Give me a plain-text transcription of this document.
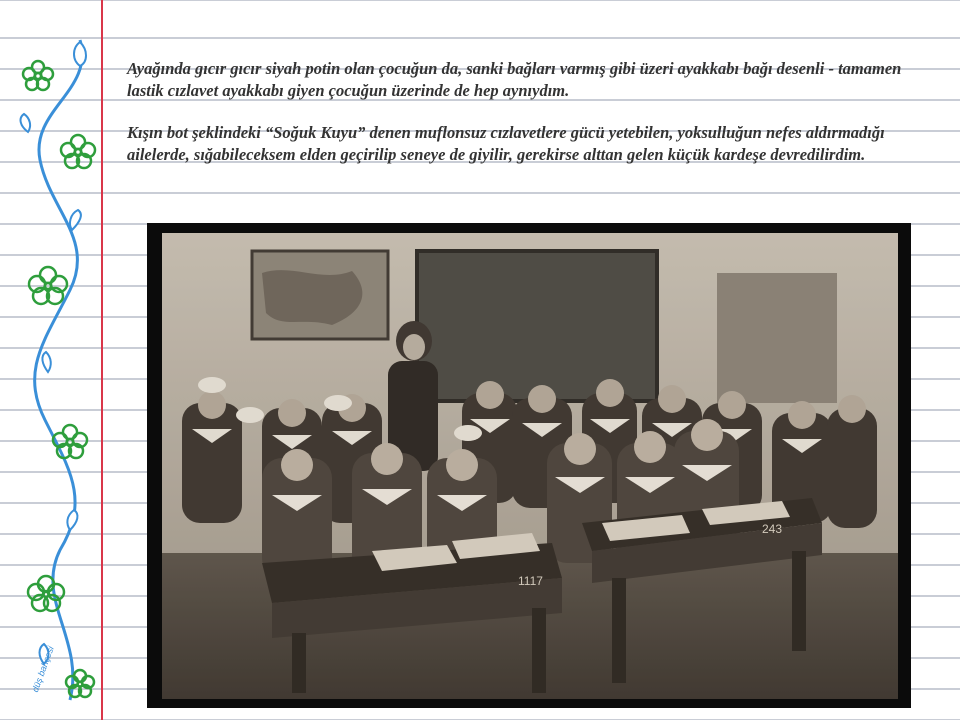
düş bahçesi

Ayağında gıcır gıcır siyah potin olan çocuğun da, sanki bağları varmış gibi üzeri ayakkabı bağı desenli - tamamen lastik cızlavet ayakkabı giyen çocuğun üzerinde de hep aynıydım.

Kışın bot şeklindeki “Soğuk Kuyu” denen muflonsuz cızlavetlere gücü yetebilen, yoksulluğun nefes aldırmadığı ailelerde, sığabileceksem elden geçirilip seneye de giyilir, gerekirse alttan gelen küçük kardeşe devredilirdim.

1117
243
